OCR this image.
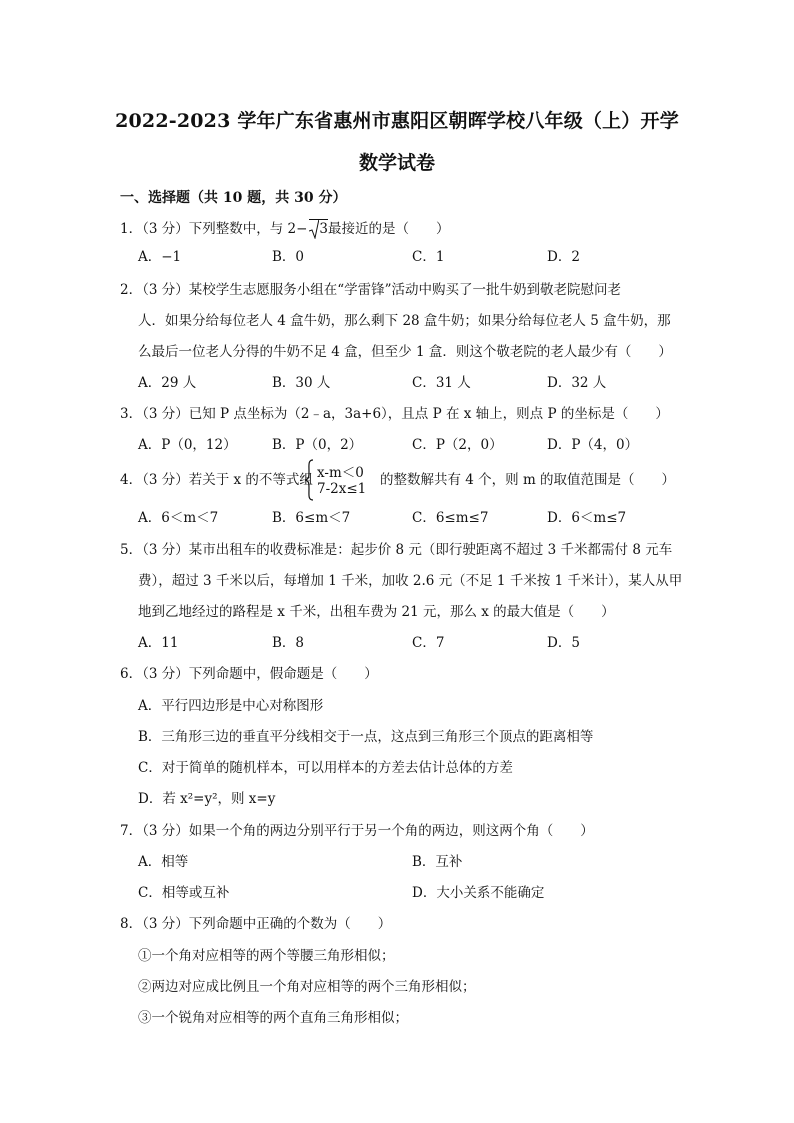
2022-2023 学年广东省惠州市惠阳区朝晖学校八年级（上）开学
数学试卷
一、选择题（共 10 题，共 30 分）
1．（3 分）下列整数中，与 2− 3最接近的是（　　）
A．−1	B．0	C．1	D．2
2．（3 分）某校学生志愿服务小组在“学雷锋”活动中购买了一批牛奶到敬老院慰问老
人．如果分给每位老人 4 盒牛奶，那么剩下 28 盒牛奶；如果分给每位老人 5 盒牛奶，那
么最后一位老人分得的牛奶不足 4 盒，但至少 1 盒．则这个敬老院的老人最少有（　　）
A．29 人	B．30 人	C．31 人	D．32 人
3．（3 分）已知 P 点坐标为（2﹣a，3a+6），且点 P 在 x 轴上，则点 P 的坐标是（　　）
A．P（0，12）	B．P（0，2）	C．P（2，0）	D．P（4，0）
4．（3 分）若关于 x 的不等式组 x-m＜0
7-2x≤1
的整数解共有 4 个，则 m 的取值范围是（　　）
A．6＜m＜7	B．6≤m＜7	C．6≤m≤7	D．6＜m≤7
5．（3 分）某市出租车的收费标准是：起步价 8 元（即行驶距离不超过 3 千米都需付 8 元车
费），超过 3 千米以后，每增加 1 千米，加收 2.6 元（不足 1 千米按 1 千米计），某人从甲
地到乙地经过的路程是 x 千米，出租车费为 21 元，那么 x 的最大值是（　　）
A．11	B．8	C．7	D．5
6．（3 分）下列命题中，假命题是（　　）
A．平行四边形是中心对称图形
B．三角形三边的垂直平分线相交于一点，这点到三角形三个顶点的距离相等
C．对于简单的随机样本，可以用样本的方差去估计总体的方差
D．若 x²=y²，则 x=y
7．（3 分）如果一个角的两边分别平行于另一个角的两边，则这两个角（　　）
A．相等	B．互补
C．相等或互补	D．大小关系不能确定
8．（3 分）下列命题中正确的个数为（　　）
①一个角对应相等的两个等腰三角形相似；
②两边对应成比例且一个角对应相等的两个三角形相似；
③一个锐角对应相等的两个直角三角形相似；
